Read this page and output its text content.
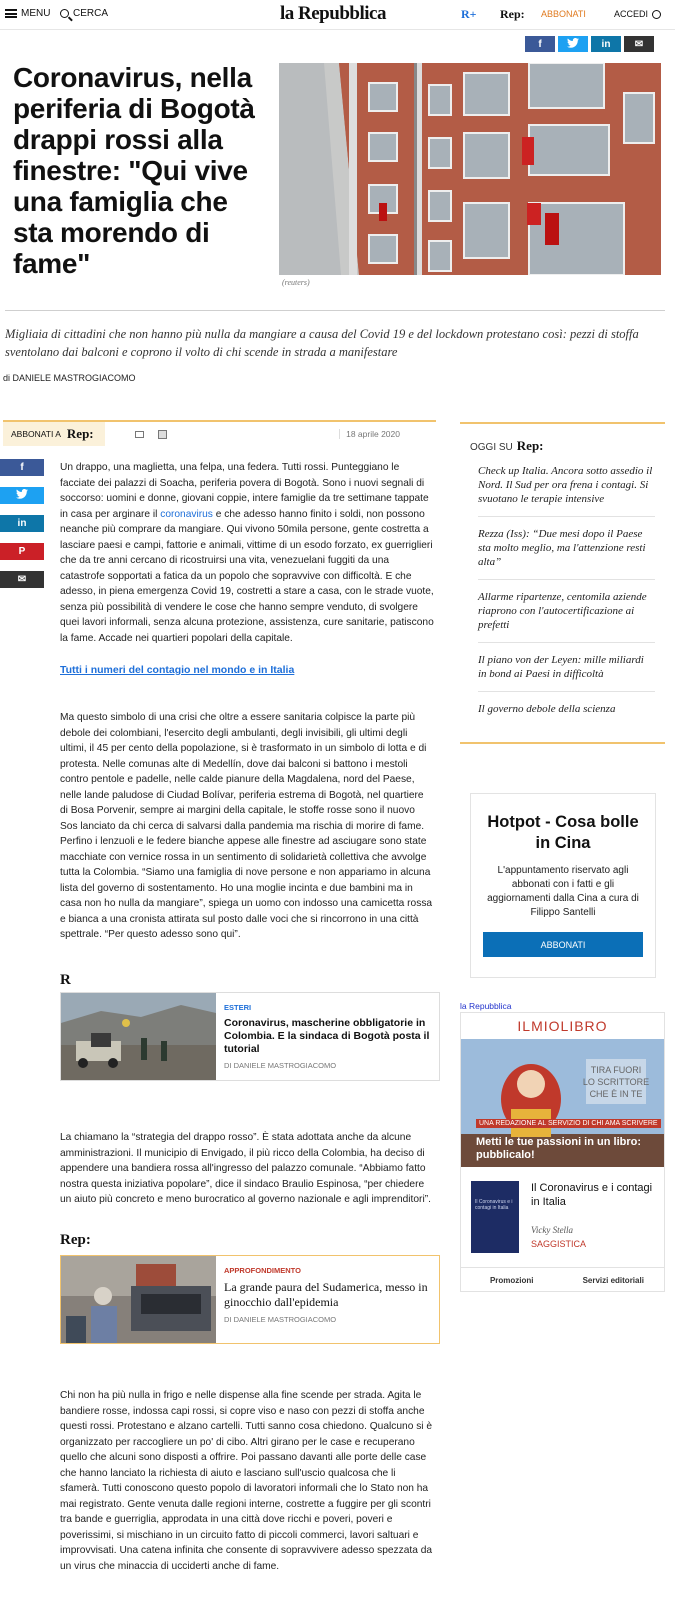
MENU CERCA	la Repubblica	R+ Rep: ABBONATI	ACCEDI
f	in ✉
Coronavirus, nella periferia di Bogotà drappi rossi alla finestre: "Qui vive una famiglia che sta morendo di fame"
(reuters)

Migliaia di cittadini che non hanno più nulla da mangiare a causa del Covid 19 e del lockdown protestano così: pezzi di stoffa sventolano dai balconi e coprono il volto di chi scende in strada a manifestare

di DANIELE MASTROGIACOMO
ABBONATI A Rep:	18 aprile 2020
f
in
P
✉

Un drappo, una maglietta, una felpa, una federa. Tutti rossi. Punteggiano le facciate dei palazzi di Soacha, periferia povera di Bogotà. Sono i nuovi segnali di soccorso: uomini e donne, giovani coppie, intere famiglie da tre settimane tappate in casa per arginare il coronavirus e che adesso hanno finito i soldi, non possono neanche più comprare da mangiare. Qui vivono 50mila persone, gente costretta a lasciare paesi e campi, fattorie e animali, vittime di un esodo forzato, ex guerriglieri che da tre anni cercano di ricostruirsi una vita, venezuelani fuggiti da una catastrofe sopportati a fatica da un popolo che sopravvive con difficoltà. E che adesso, in piena emergenza Covid 19, costretti a stare a casa, con le strade vuote, senza più possibilità di vendere le cose che hanno sempre venduto, di svolgere quei lavori informali, senza alcuna protezione, assistenza, cure sanitarie, patiscono la fame. Accade nei quartieri popolari della capitale.

Tutti i numeri del contagio nel mondo e in Italia

Ma questo simbolo di una crisi che oltre a essere sanitaria colpisce la parte più debole dei colombiani, l'esercito degli ambulanti, degli invisibili, gli ultimi degli ultimi, il 45 per cento della popolazione, si è trasformato in un simbolo di lotta e di protesta. Nelle comunas alte di Medellín, dove dai balconi si battono i mestoli contro pentole e padelle, nelle calde pianure della Magdalena, nord del Paese, nelle lande paludose di Ciudad Bolívar, periferia estrema di Bogotà, nel quartiere di Bosa Porvenir, sempre ai margini della capitale, le stoffe rosse sono il nuovo Sos lanciato da chi cerca di salvarsi dalla pandemia ma rischia di morire di fame. Perfino i lenzuoli e le federe bianche appese alle finestre ad asciugare sono state macchiate con vernice rossa in un sentimento di solidarietà collettiva che avvolge tutta la Colombia. “Siamo una famiglia di nove persone e non appariamo in alcuna lista del governo di sostentamento. Ho una moglie incinta e due bambini ma in casa non ho nulla da mangiare”, spiega un uomo con indosso una camicetta rossa e bianca a una cronista attirata sul posto dalle voci che si rincorrono in una città spettrale. “Per questo adesso sono qui”.

R
ESTERI
Coronavirus, mascherine obbligatorie in Colombia. E la sindaca di Bogotà posta il tutorial
DI DANIELE MASTROGIACOMO

La chiamano la “strategia del drappo rosso”. È stata adottata anche da alcune amministrazioni. Il municipio di Envigado, il più ricco della Colombia, ha deciso di appendere una bandiera rossa all'ingresso del palazzo comunale. “Abbiamo fatto nostra questa iniziativa popolare”, dice il sindaco Braulio Espinosa, “per chiedere un aiuto più concreto e meno burocratico al governo nazionale e agli imprenditori”.

Rep:
APPROFONDIMENTO
La grande paura del Sudamerica, messo in ginocchio dall'epidemia
DI DANIELE MASTROGIACOMO

Chi non ha più nulla in frigo e nelle dispense alla fine scende per strada. Agita le bandiere rosse, indossa capi rossi, si copre viso e naso con pezzi di stoffa anche questi rossi. Protestano e alzano cartelli. Tutti sanno cosa chiedono. Qualcuno si è organizzato per raccogliere un po' di cibo. Altri girano per le case e recuperano quello che alcuni sono disposti a offrire. Poi passano davanti alle porte delle case che hanno lanciato la richiesta di aiuto e lasciano sull'uscio qualcosa che li sfamerà. Tutti conoscono questo popolo di lavoratori informali che lo Stato non ha mai registrato. Gente venuta dalle regioni interne, costrette a fuggire per gli scontri tra bande e guerriglia, approdata in una città dove ricchi e poveri, poveri e poverissimi, si mischiano in un circuito fatto di piccoli commerci, lavori saltuari e improvvisati. Una catena infinita che consente di sopravvivere adesso spezzata da un virus che minaccia di ucciderti anche di fame.

OGGI SU Rep:
Check up Italia. Ancora sotto assedio il Nord. Il Sud per ora frena i contagi. Si svuotano le terapie intensive
Rezza (Iss): “Due mesi dopo il Paese sta molto meglio, ma l'attenzione resti alta”
Allarme ripartenze, centomila aziende riaprono con l'autocertificazione ai prefetti
Il piano von der Leyen: mille miliardi in bond ai Paesi in difficoltà
Il governo debole della scienza
Hotpot - Cosa bolle in Cina
L'appuntamento riservato agli abbonati con i fatti e gli aggiornamenti dalla Cina a cura di Filippo Santelli
ABBONATI
la Repubblica
ILMIOLIBRO
TIRA FUORI
LO SCRITTORE
CHE È IN TE
UNA REDAZIONE AL SERVIZIO DI CHI AMA SCRIVERE
Metti le tue passioni in un libro: pubblicalo!
Il Coronavirus e i contagi in Italia
Il Coronavirus e i contagi in Italia
Vicky Stella
SAGGISTICA
Promozioni	Servizi editoriali
